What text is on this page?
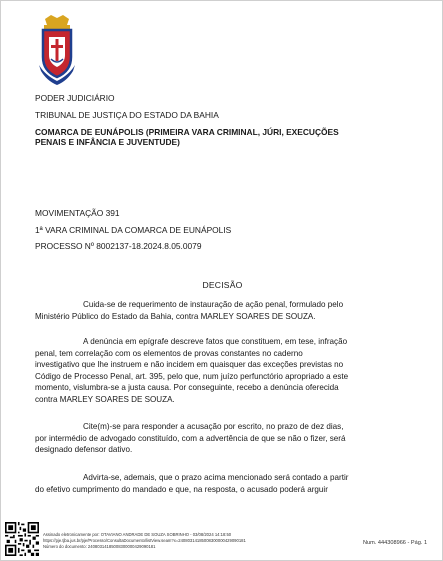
PODER JUDICIÁRIO
TRIBUNAL DE JUSTIÇA DO ESTADO DA BAHIA
COMARCA DE EUNÁPOLIS (PRIMEIRA VARA CRIMINAL, JÚRI, EXECUÇÕES
PENAIS E INFÂNCIA E JUVENTUDE)
MOVIMENTAÇÃO 391
1ª VARA CRIMINAL DA COMARCA DE EUNÁPOLIS
PROCESSO Nº 8002137-18.2024.8.05.0079
DECISÃO
Cuida-se de requerimento de instauração de ação penal, formulado pelo
Ministério Público do Estado da Bahia, contra MARLEY SOARES DE SOUZA.
A denúncia em epígrafe descreve fatos que constituem, em tese, infração
penal, tem correlação com os elementos de provas constantes no caderno
investigativo que lhe instruem e não incidem em quaisquer das exceções previstas no
Código de Processo Penal, art. 395, pelo que, num juízo perfunctório apropriado a este
momento, vislumbra-se a justa causa. Por conseguinte, recebo a denúncia oferecida
contra MARLEY SOARES DE SOUZA.
Cite(m)-se para responder a acusação por escrito, no prazo de dez dias,
por intermédio de advogado constituído, com a advertência de que se não o fizer, será
designado defensor dativo.
Advirta-se, ademais, que o prazo acima mencionado será contado a partir
do efetivo cumprimento do mandado e que, na resposta, o acusado poderá arguir
Assinado eletronicamente por: OTAVIANO ANDRADE DE SOUZA SOBRINHO - 03/08/2024 14:18:50
https://pje.tjba.jus.br/pje/Processo/ConsultaDocumento/listView.seam?x=24080314185008300000429090181
Número do documento: 24080314185008300000429090181
Num. 444308966 - Pág. 1
